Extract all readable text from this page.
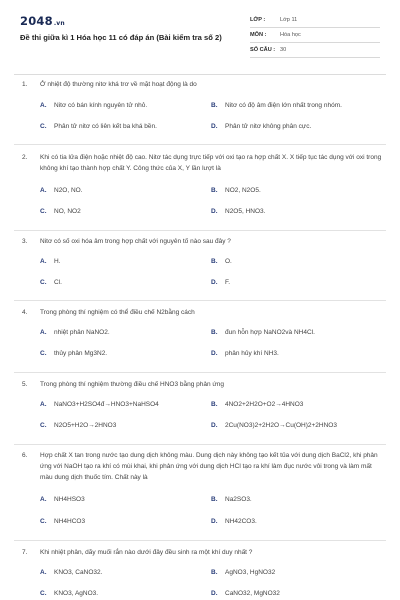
2048.vn
Đề thi giữa kì 1 Hóa học 11 có đáp án (Bài kiểm tra số 2)
LỚP :	Lớp 11
MÔN :	Hóa học
SỐ CÂU : 30
1.	Ở nhiệt độ thường nitơ khá trơ về mặt hoạt động là do
A.	Nitơ có bán kính nguyên tử nhỏ.	B.	Nitơ có độ âm điện lớn nhất trong nhóm.
C.	Phân tử nitơ có liên kết ba khá bền.	D.	Phân tử nitơ không phân cực.
2.	Khi có tia lửa điện hoặc nhiệt độ cao. Nitơ tác dụng trực tiếp với oxi tạo ra hợp chất X. X tiếp tục tác dụng với oxi trong không khí tạo thành hợp chất Y. Công thức của X, Y lần lượt là
A.	N2O, NO.	B.	NO2, N2O5.
C.	NO, NO2	D.	N2O5, HNO3.
3.	Nitơ có số oxi hóa âm trong hợp chất với nguyên tố nào sau đây ?
A.	H.	B.	O.
C.	Cl.	D.	F.
4.	Trong phòng thí nghiệm có thể điều chế N2bằng cách
A.	nhiệt phân NaNO2.	B.	đun hỗn hợp NaNO2và NH4Cl.
C.	thủy phân Mg3N2.	D.	phân hủy khí NH3.
5.	Trong phòng thí nghiệm thường điều chế HNO3 bằng phản ứng
A.	NaNO3+H2SO4đ→HNO3+NaHSO4	B.	4NO2+2H2O+O2→4HNO3
C.	N2O5+H2O→2HNO3	D.	2Cu(NO3)2+2H2O→Cu(OH)2+2HNO3
6.	Hợp chất X tan trong nước tạo dung dịch không màu. Dung dịch này không tạo kết tủa với dung dịch BaCl2, khi phản ứng với NaOH tạo ra khí có mùi khai, khi phản ứng với dung dịch HCl tạo ra khí làm đục nước vôi trong và làm mất màu dung dịch thuốc tím. Chất này là
A.	NH4HSO3	B.	Na2SO3.
C.	NH4HCO3	D.	NH42CO3.
7.	Khi nhiệt phân, dãy muối rắn nào dưới đây đều sinh ra một khí duy nhất ?
A.	KNO3, CaNO32.	B.	AgNO3, HgNO32
C.	KNO3, AgNO3.	D.	CaNO32, MgNO32
